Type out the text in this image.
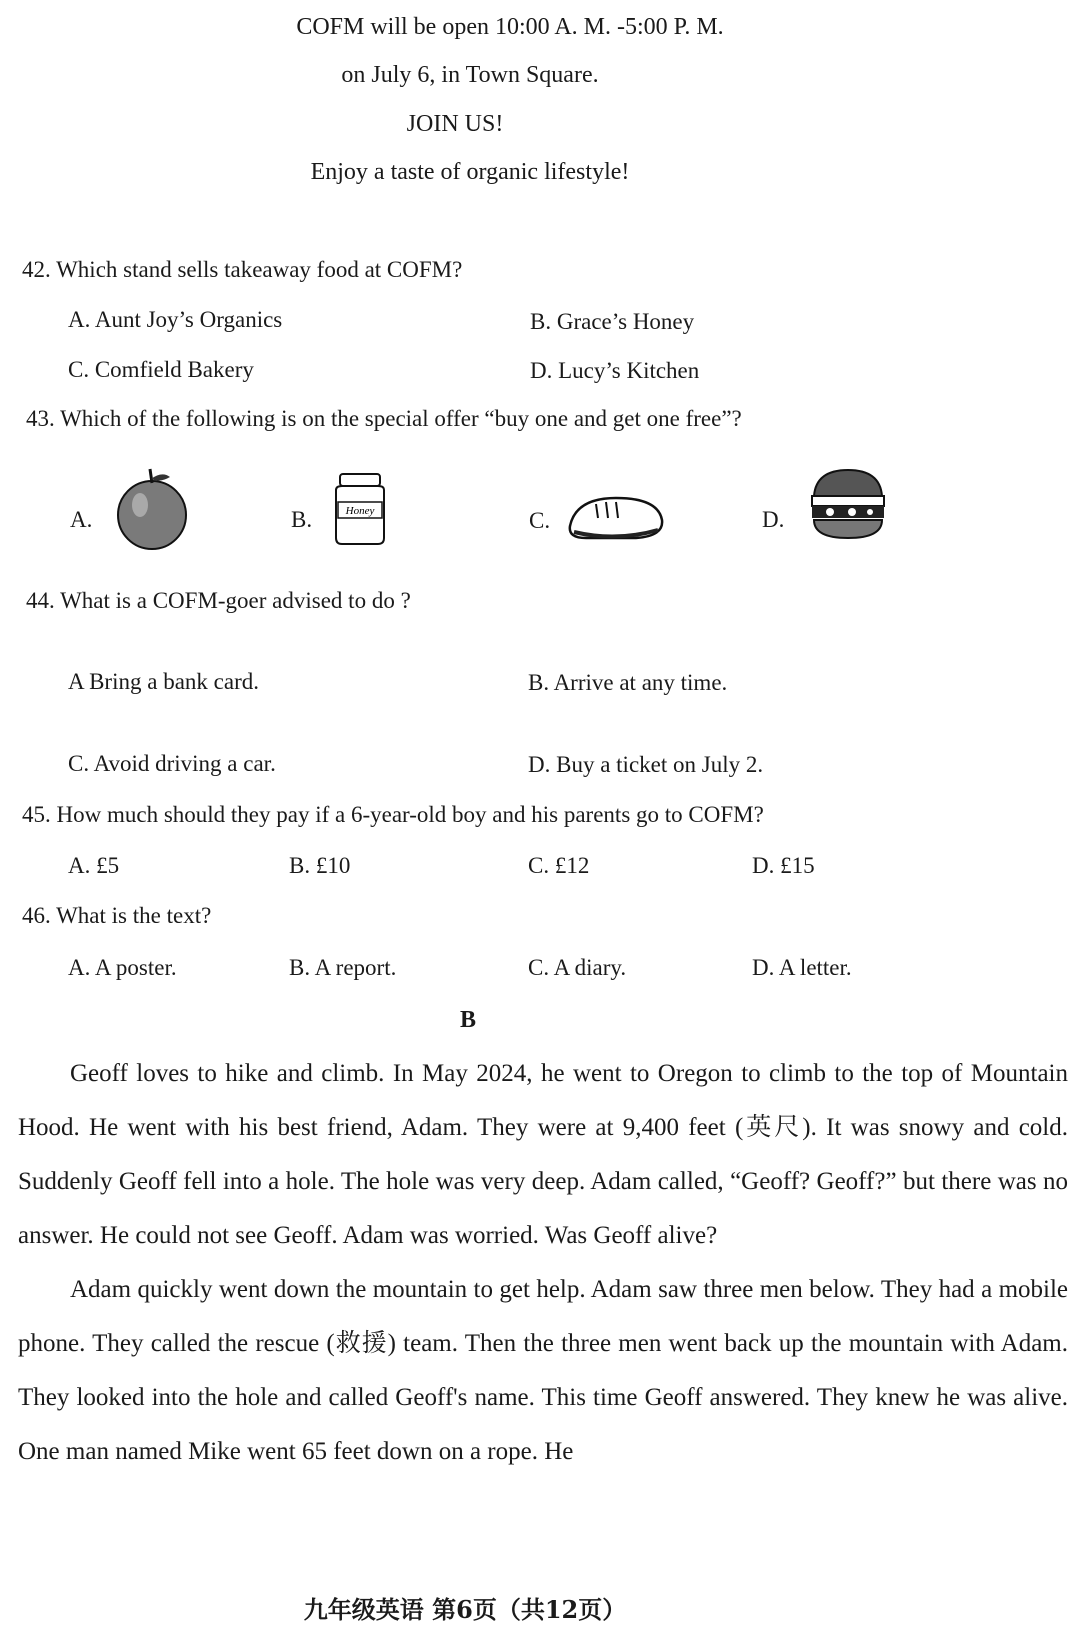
COFM will be open 10:00 A. M. -5:00 P. M.
on July 6, in Town Square.
JOIN US!
Enjoy a taste of organic lifestyle!
42. Which stand sells takeaway food at COFM?
A. Aunt Joy’s Organics	B. Grace’s Honey
C. Comfield Bakery	D. Lucy’s Kitchen
43. Which of the following is on the special offer “buy one and get one free”?
A.	B.	C.	D.
Honey
44. What is a COFM-goer advised to do ?
A Bring a bank card.	B. Arrive at any time.
C. Avoid driving a car.	D. Buy a ticket on July 2.
45. How much should they pay if a 6-year-old boy and his parents go to COFM?
A. £5	B. £10	C. £12	D. £15
46. What is the text?
A. A poster.	B. A report.	C. A diary.	D. A letter.
B

Geoff loves to hike and climb. In May 2024, he went to Oregon to climb to the top of Mountain Hood. He went with his best friend, Adam. They were at 9,400 feet (英尺). It was snowy and cold. Suddenly Geoff fell into a hole. The hole was very deep. Adam called, “Geoff? Geoff?” but there was no answer. He could not see Geoff. Adam was worried. Was Geoff alive?

Adam quickly went down the mountain to get help. Adam saw three men below. They had a mobile phone. They called the rescue (救援) team. Then the three men went back up the mountain with Adam. They looked into the hole and called Geoff's name. This time Geoff answered. They knew he was alive. One man named Mike went 65 feet down on a rope. He

九年级英语 第6页（共12页）
